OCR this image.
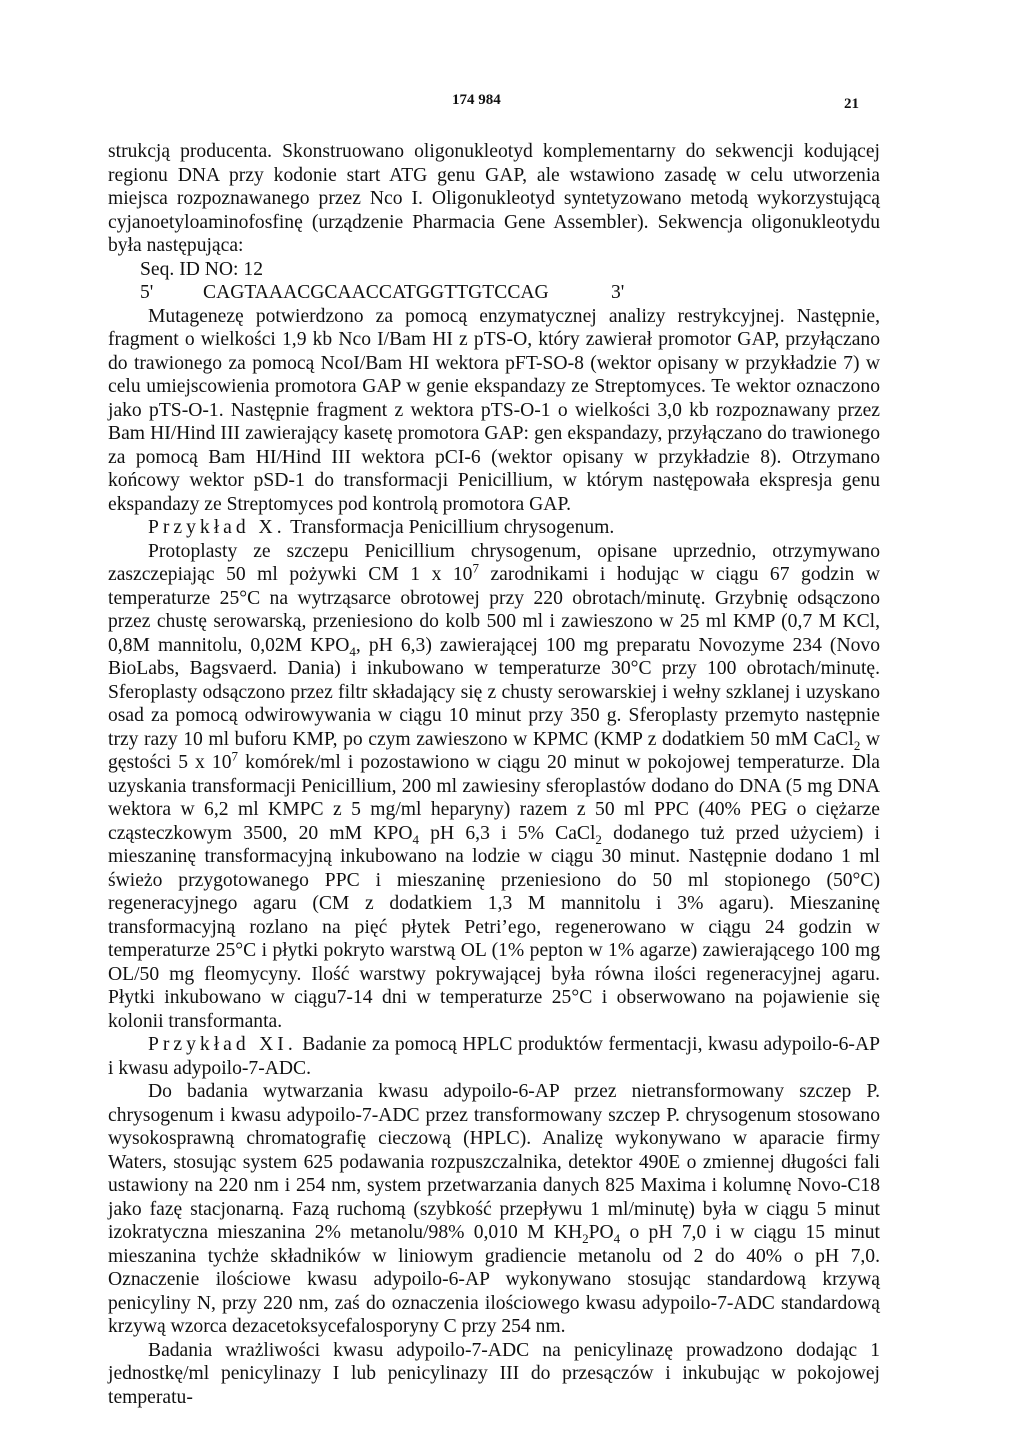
174 984	21

strukcją producenta. Skonstruowano oligonukleotyd komplementarny do sekwencji kodującej regionu DNA przy kodonie start ATG genu GAP, ale wstawiono zasadę w celu utworzenia miejsca rozpoznawanego przez Nco I. Oligonukleotyd syntetyzowano metodą wykorzystującą cyjanoetyloaminofosfinę (urządzenie Pharmacia Gene Assembler). Sekwencja oligonukleotydu była następująca:

Seq. ID NO: 12

5'	CAGTAAACGCAACCATGGTTGTCCAG	3'

Mutagenezę potwierdzono za pomocą enzymatycznej analizy restrykcyjnej. Następnie, fragment o wielkości 1,9 kb Nco I/Bam HI z pTS-O, który zawierał promotor GAP, przyłączano do trawionego za pomocą NcoI/Bam HI wektora pFT-SO-8 (wektor opisany w przykładzie 7) w celu umiejscowienia promotora GAP w genie ekspandazy ze Streptomyces. Te wektor oznaczono jako pTS-O-1. Następnie fragment z wektora pTS-O-1 o wielkości 3,0 kb rozpoznawany przez Bam HI/Hind III zawierający kasetę promotora GAP: gen ekspandazy, przyłączano do trawionego za pomocą Bam HI/Hind III wektora pCI-6 (wektor opisany w przykładzie 8). Otrzymano końcowy wektor pSD-1 do transformacji Penicillium, w którym następowała ekspresja genu ekspandazy ze Streptomyces pod kontrolą promotora GAP.

Przykład X. Transformacja Penicillium chrysogenum.

Protoplasty ze szczepu Penicillium chrysogenum, opisane uprzednio, otrzymywano zaszczepiając 50 ml pożywki CM 1 x $10^7$ zarodnikami i hodując w ciągu 67 godzin w temperaturze 25°C na wytrząsarce obrotowej przy 220 obrotach/minutę. Grzybnię odsączono przez chustę serowarską, przeniesiono do kolb 500 ml i zawieszono w 25 ml KMP (0,7 M KCl, 0,8M mannitolu, 0,02M $KPO_4$, pH 6,3) zawierającej 100 mg preparatu Novozyme 234 (Novo BioLabs, Bagsvaerd. Dania) i inkubowano w temperaturze 30°C przy 100 obrotach/minutę. Sferoplasty odsączono przez filtr składający się z chusty serowarskiej i wełny szklanej i uzyskano osad za pomocą odwirowywania w ciągu 10 minut przy 350 g. Sferoplasty przemyto następnie trzy razy 10 ml buforu KMP, po czym zawieszono w KPMC (KMP z dodatkiem 50 mM CaCl$_2$ w gęstości 5 x $10^7$ komórek/ml i pozostawiono w ciągu 20 minut w pokojowej temperaturze. Dla uzyskania transformacji Penicillium, 200 ml zawiesiny sferoplastów dodano do DNA (5 mg DNA wektora w 6,2 ml KMPC z 5 mg/ml heparyny) razem z 50 ml PPC (40% PEG o ciężarze cząsteczkowym 3500, 20 mM $KPO_4$ pH 6,3 i 5% CaCl$_2$ dodanego tuż przed użyciem) i mieszaninę transformacyjną inkubowano na lodzie w ciągu 30 minut. Następnie dodano 1 ml świeżo przygotowanego PPC i mieszaninę przeniesiono do 50 ml stopionego (50°C) regeneracyjnego agaru (CM z dodatkiem 1,3 M mannitolu i 3% agaru). Mieszaninę transformacyjną rozlano na pięć płytek Petri’ego, regenerowano w ciągu 24 godzin w temperaturze 25°C i płytki pokryto warstwą OL (1% pepton w 1% agarze) zawierającego 100 mg OL/50 mg fleomycyny. Ilość warstwy pokrywającej była równa ilości regeneracyjnej agaru. Płytki inkubowano w ciągu7-14 dni w temperaturze 25°C i obserwowano na pojawienie się kolonii transformanta.

Przykład XI. Badanie za pomocą HPLC produktów fermentacji, kwasu adypoilo-6-AP i kwasu adypoilo-7-ADC.

Do badania wytwarzania kwasu adypoilo-6-AP przez nietransformowany szczep P. chrysogenum i kwasu adypoilo-7-ADC przez transformowany szczep P. chrysogenum stosowano wysokosprawną chromatografię cieczową (HPLC). Analizę wykonywano w aparacie firmy Waters, stosując system 625 podawania rozpuszczalnika, detektor 490E o zmiennej długości fali ustawiony na 220 nm i 254 nm, system przetwarzania danych 825 Maxima i kolumnę Novo-C18 jako fazę stacjonarną. Fazą ruchomą (szybkość przepływu 1 ml/minutę) była w ciągu 5 minut izokratyczna mieszanina 2% metanolu/98% 0,010 M $KH_2PO_4$ o pH 7,0 i w ciągu 15 minut mieszanina tychże składników w liniowym gradiencie metanolu od 2 do 40% o pH 7,0. Oznaczenie ilościowe kwasu adypoilo-6-AP wykonywano stosując standardową krzywą penicyliny N, przy 220 nm, zaś do oznaczenia ilościowego kwasu adypoilo-7-ADC standardową krzywą wzorca dezacetoksycefalosporyny C przy 254 nm.

Badania wrażliwości kwasu adypoilo-7-ADC na penicylinazę prowadzono dodając 1 jednostkę/ml penicylinazy I lub penicylinazy III do przesączów i inkubując w pokojowej temperatu-
